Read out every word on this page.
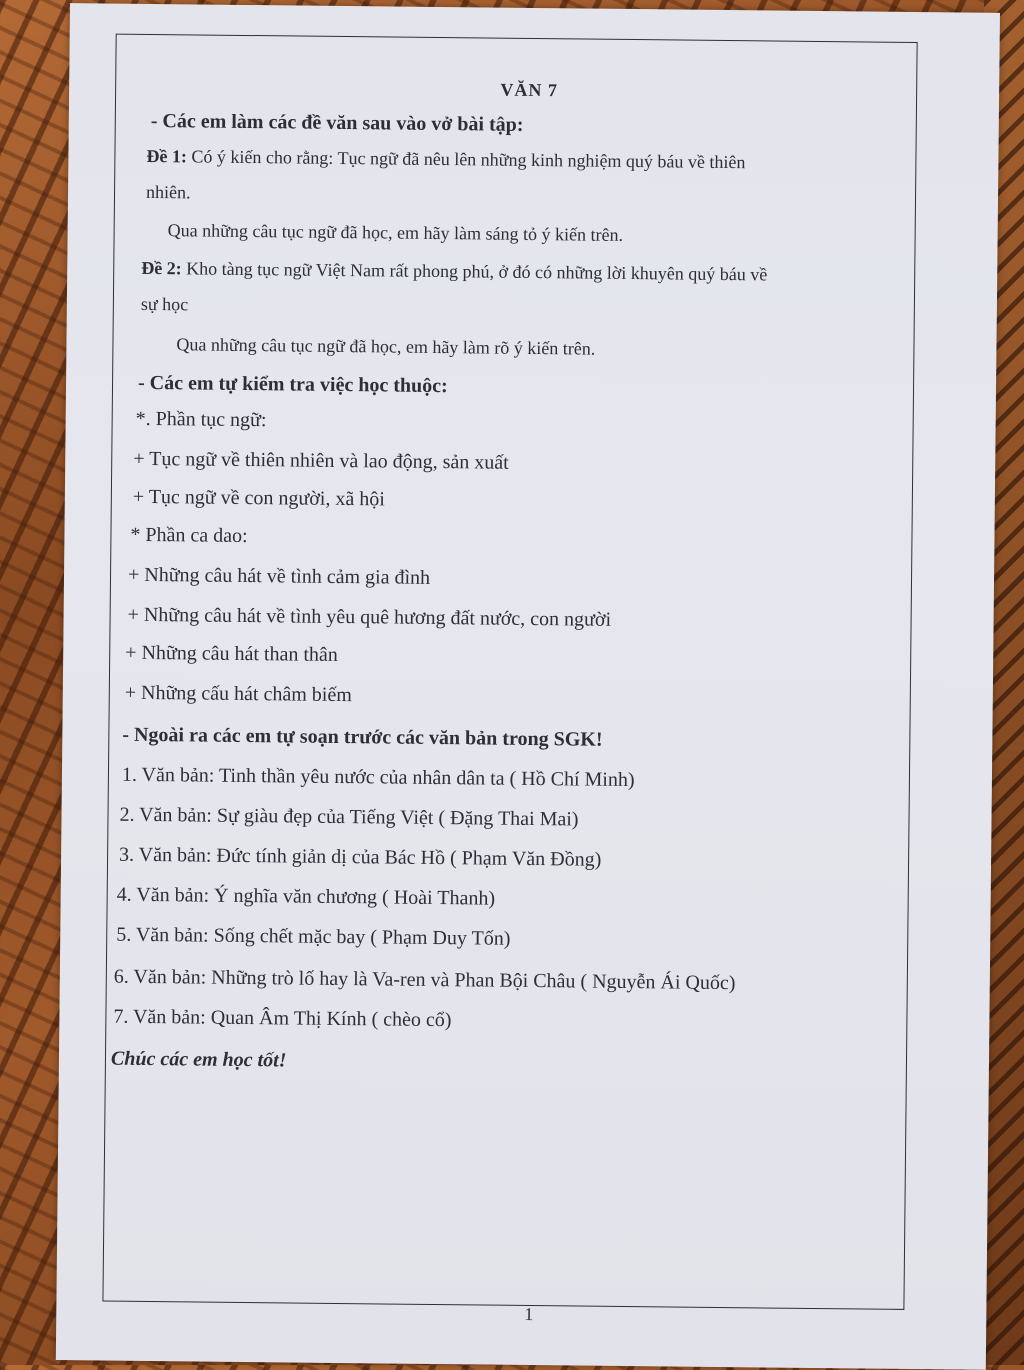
VĂN 7
- Các em làm các đề văn sau vào vở bài tập:
Đề 1: Có ý kiến cho rằng: Tục ngữ đã nêu lên những kinh nghiệm quý báu về thiên
nhiên.
Qua những câu tục ngữ đã học, em hãy làm sáng tỏ ý kiến trên.
Đề 2: Kho tàng tục ngữ Việt Nam rất phong phú, ở đó có những lời khuyên quý báu về
sự học
Qua những câu tục ngữ đã học, em hãy làm rõ ý kiến trên.
- Các em tự kiểm tra việc học thuộc:
*. Phần tục ngữ:
+ Tục ngữ về thiên nhiên và lao động, sản xuất
+ Tục ngữ về con người, xã hội
* Phần ca dao:
+ Những câu hát về tình cảm gia đình
+ Những câu hát về tình yêu quê hương đất nước, con người
+ Những câu hát than thân
+ Những cấu hát châm biếm
- Ngoài ra các em tự soạn trước các văn bản trong SGK!
1. Văn bản: Tinh thần yêu nước của nhân dân ta ( Hồ Chí Minh)
2. Văn bản: Sự giàu đẹp của Tiếng Việt ( Đặng Thai Mai)
3. Văn bản: Đức tính giản dị của Bác Hồ ( Phạm Văn Đồng)
4. Văn bản: Ý nghĩa văn chương ( Hoài Thanh)
5. Văn bản: Sống chết mặc bay ( Phạm Duy Tốn)
6. Văn bản: Những trò lố hay là Va-ren và Phan Bội Châu ( Nguyễn Ái Quốc)
7. Văn bản: Quan Âm Thị Kính ( chèo cổ)
Chúc các em học tốt!
1
